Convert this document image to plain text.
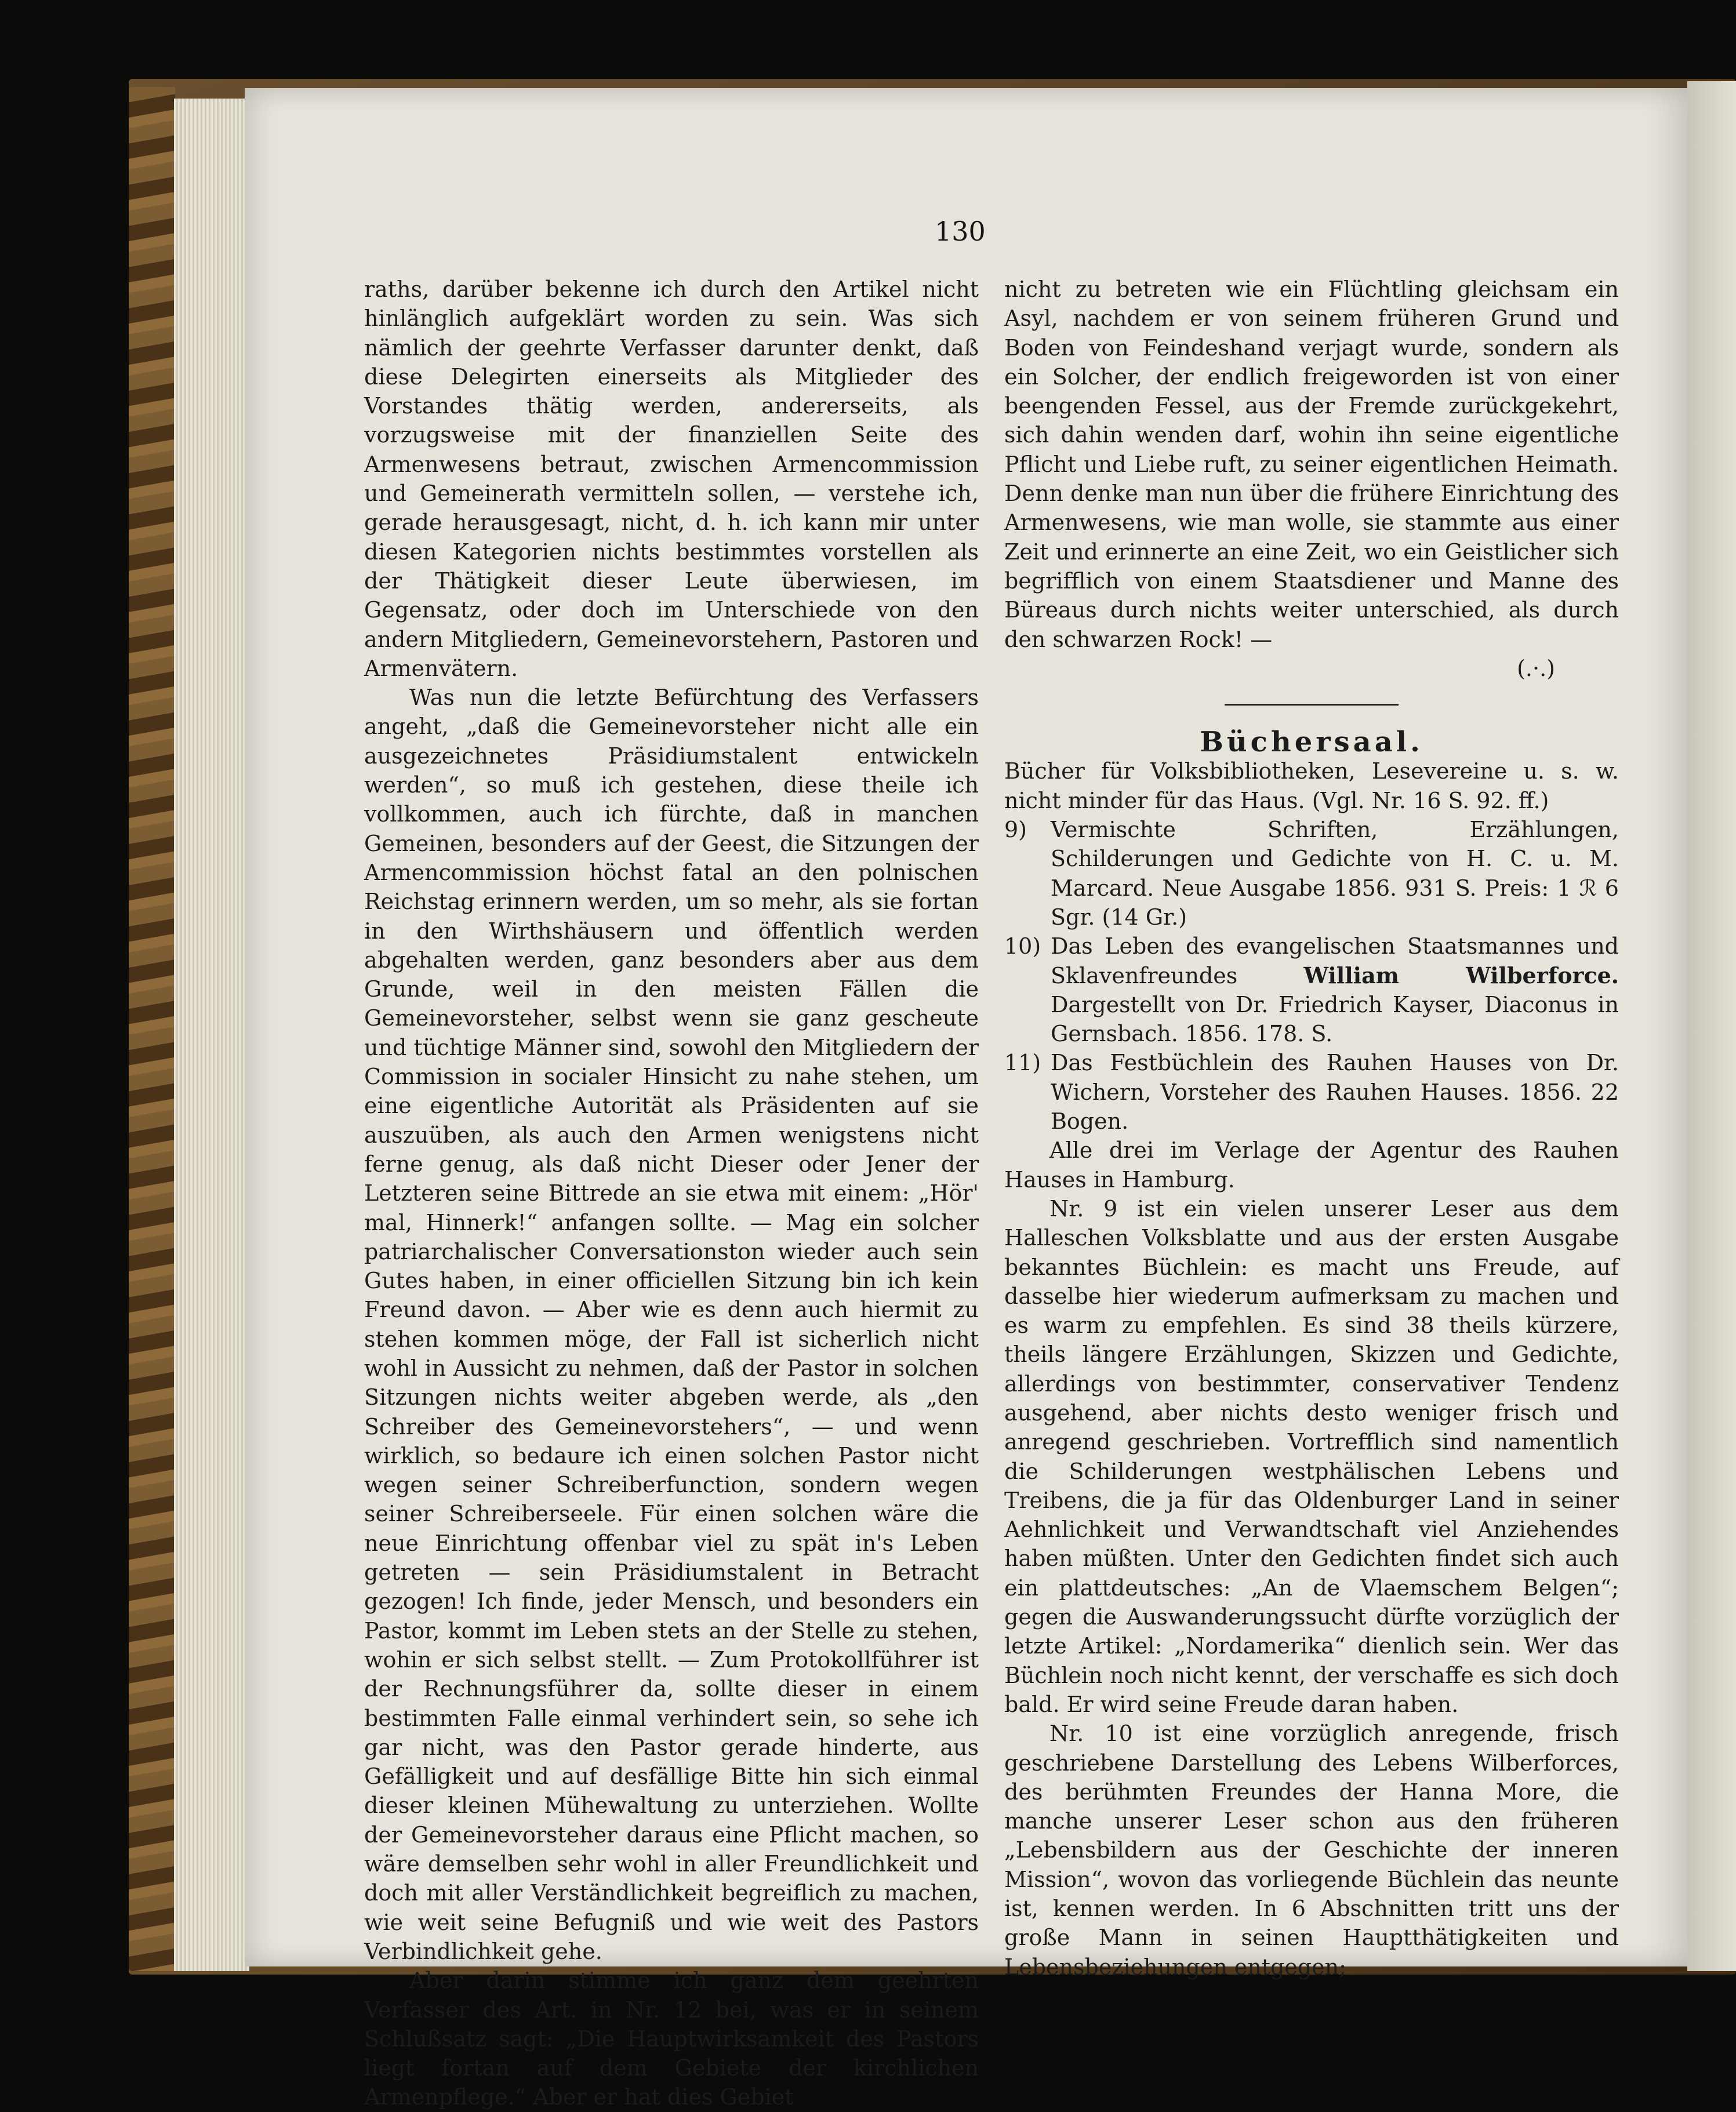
130

raths, darüber bekenne ich durch den Artikel nicht hinlänglich aufgeklärt worden zu sein. Was sich nämlich der geehrte Verfasser darunter denkt, daß diese Delegirten einerseits als Mitglieder des Vorstandes thätig werden, andererseits, als vorzugsweise mit der finanziellen Seite des Armenwesens betraut, zwischen Armencommission und Gemeinerath vermitteln sollen, — verstehe ich, gerade herausgesagt, nicht, d. h. ich kann mir unter diesen Kategorien nichts bestimmtes vorstellen als der Thätigkeit dieser Leute überwiesen, im Gegensatz, oder doch im Unterschiede von den andern Mitgliedern, Gemeinevorstehern, Pastoren und Armenvätern.

Was nun die letzte Befürchtung des Verfassers angeht, „daß die Gemeinevorsteher nicht alle ein ausgezeichnetes Präsidiumstalent entwickeln werden“, so muß ich gestehen, diese theile ich vollkommen, auch ich fürchte, daß in manchen Gemeinen, besonders auf der Geest, die Sitzungen der Armencommission höchst fatal an den polnischen Reichstag erinnern werden, um so mehr, als sie fortan in den Wirthshäusern und öffentlich werden abgehalten werden, ganz besonders aber aus dem Grunde, weil in den meisten Fällen die Gemeinevorsteher, selbst wenn sie ganz gescheute und tüchtige Männer sind, sowohl den Mitgliedern der Commission in socialer Hinsicht zu nahe stehen, um eine eigentliche Autorität als Präsidenten auf sie auszuüben, als auch den Armen wenigstens nicht ferne genug, als daß nicht Dieser oder Jener der Letzteren seine Bittrede an sie etwa mit einem: „Hör' mal, Hinnerk!“ anfangen sollte. — Mag ein solcher patriarchalischer Conversationston wieder auch sein Gutes haben, in einer officiellen Sitzung bin ich kein Freund davon. — Aber wie es denn auch hiermit zu stehen kommen möge, der Fall ist sicherlich nicht wohl in Aussicht zu nehmen, daß der Pastor in solchen Sitzungen nichts weiter abgeben werde, als „den Schreiber des Gemeinevorstehers“, — und wenn wirklich, so bedaure ich einen solchen Pastor nicht wegen seiner Schreiberfunction, sondern wegen seiner Schreiberseele. Für einen solchen wäre die neue Einrichtung offenbar viel zu spät in's Leben getreten — sein Präsidiumstalent in Betracht gezogen! Ich finde, jeder Mensch, und besonders ein Pastor, kommt im Leben stets an der Stelle zu stehen, wohin er sich selbst stellt. — Zum Protokollführer ist der Rechnungsführer da, sollte dieser in einem bestimmten Falle einmal verhindert sein, so sehe ich gar nicht, was den Pastor gerade hinderte, aus Gefälligkeit und auf desfällige Bitte hin sich einmal dieser kleinen Mühewaltung zu unterziehen. Wollte der Gemeinevorsteher daraus eine Pflicht machen, so wäre demselben sehr wohl in aller Freundlichkeit und doch mit aller Verständlichkeit begreiflich zu machen, wie weit seine Befugniß und wie weit des Pastors Verbindlichkeit gehe.

Aber darin stimme ich ganz dem geehrten Verfasser des Art. in Nr. 12 bei, was er in seinem Schlußsatz sagt: „Die Hauptwirksamkeit des Pastors liegt fortan auf dem Gebiete der kirchlichen Armenpflege.“ Aber er hat dies Gebiet

nicht zu betreten wie ein Flüchtling gleichsam ein Asyl, nachdem er von seinem früheren Grund und Boden von Feindeshand verjagt wurde, sondern als ein Solcher, der endlich freigeworden ist von einer beengenden Fessel, aus der Fremde zurückgekehrt, sich dahin wenden darf, wohin ihn seine eigentliche Pflicht und Liebe ruft, zu seiner eigentlichen Heimath. Denn denke man nun über die frühere Einrichtung des Armenwesens, wie man wolle, sie stammte aus einer Zeit und erinnerte an eine Zeit, wo ein Geistlicher sich begrifflich von einem Staatsdiener und Manne des Büreaus durch nichts weiter unterschied, als durch den schwarzen Rock! —

(.·.)

Büchersaal.

Bücher für Volksbibliotheken, Lesevereine u. s. w. nicht minder für das Haus. (Vgl. Nr. 16 S. 92. ff.)

9) Vermischte Schriften, Erzählungen, Schilderungen und Gedichte von H. C. u. M. Marcard. Neue Ausgabe 1856. 931 S. Preis: 1 ℛ 6 Sgr. (14 Gr.)
10) Das Leben des evangelischen Staatsmannes und Sklavenfreundes William Wilberforce. Dargestellt von Dr. Friedrich Kayser, Diaconus in Gernsbach. 1856. 178. S.
11) Das Festbüchlein des Rauhen Hauses von Dr. Wichern, Vorsteher des Rauhen Hauses. 1856. 22 Bogen.

Alle drei im Verlage der Agentur des Rauhen Hauses in Hamburg.

Nr. 9 ist ein vielen unserer Leser aus dem Halleschen Volksblatte und aus der ersten Ausgabe bekanntes Büchlein: es macht uns Freude, auf dasselbe hier wiederum aufmerksam zu machen und es warm zu empfehlen. Es sind 38 theils kürzere, theils längere Erzählungen, Skizzen und Gedichte, allerdings von bestimmter, conservativer Tendenz ausgehend, aber nichts desto weniger frisch und anregend geschrieben. Vortrefflich sind namentlich die Schilderungen westphälischen Lebens und Treibens, die ja für das Oldenburger Land in seiner Aehnlichkeit und Verwandtschaft viel Anziehendes haben müßten. Unter den Gedichten findet sich auch ein plattdeutsches: „An de Vlaemschem Belgen“; gegen die Auswanderungssucht dürfte vorzüglich der letzte Artikel: „Nordamerika“ dienlich sein. Wer das Büchlein noch nicht kennt, der verschaffe es sich doch bald. Er wird seine Freude daran haben.

Nr. 10 ist eine vorzüglich anregende, frisch geschriebene Darstellung des Lebens Wilberforces, des berühmten Freundes der Hanna More, die manche unserer Leser schon aus den früheren „Lebensbildern aus der Geschichte der inneren Mission“, wovon das vorliegende Büchlein das neunte ist, kennen werden. In 6 Abschnitten tritt uns der große Mann in seinen Hauptthätigkeiten und Lebensbeziehungen entgegen;
